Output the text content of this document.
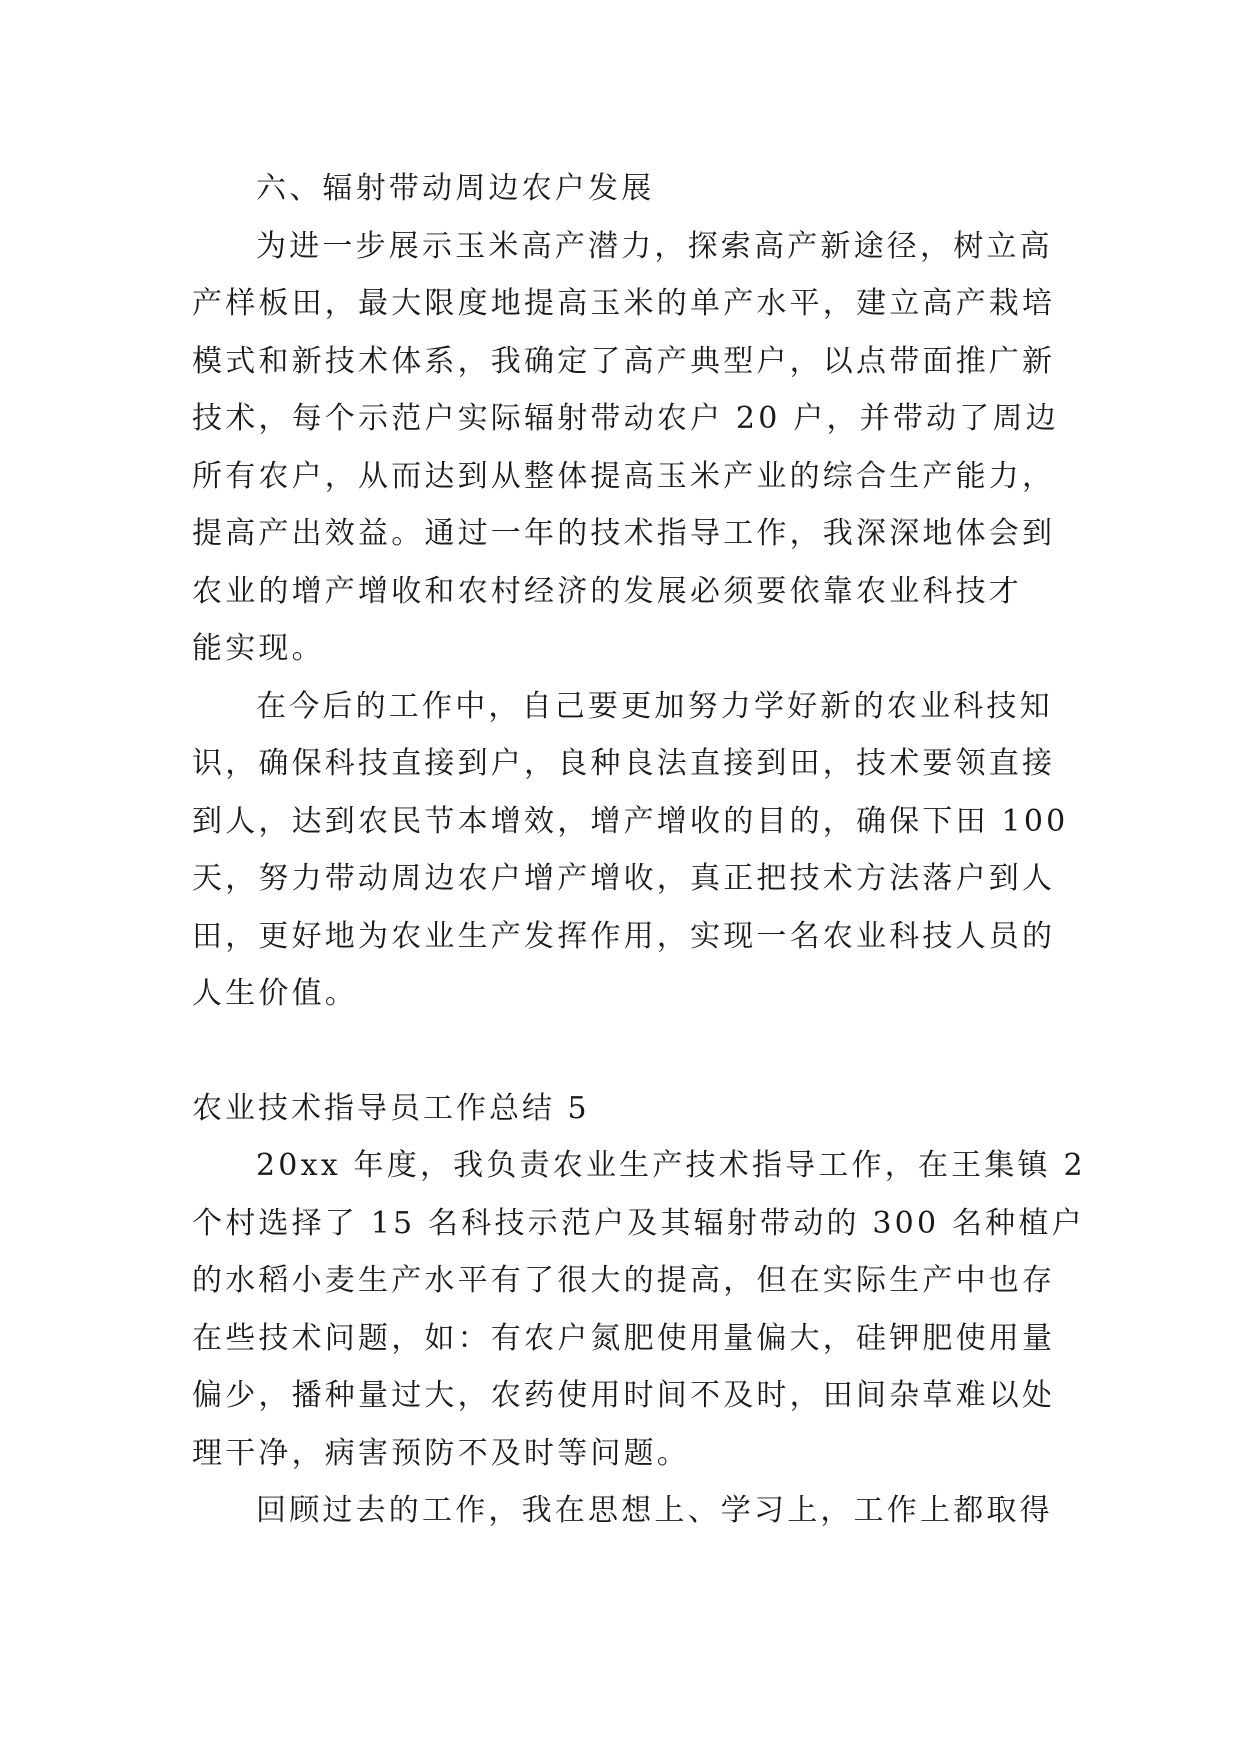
六、辐射带动周边农户发展
为进一步展示玉米高产潜力，探索高产新途径，树立高
产样板田，最大限度地提高玉米的单产水平，建立高产栽培
模式和新技术体系，我确定了高产典型户，以点带面推广新
技术，每个示范户实际辐射带动农户 20 户，并带动了周边
所有农户，从而达到从整体提高玉米产业的综合生产能力，
提高产出效益。通过一年的技术指导工作，我深深地体会到
农业的增产增收和农村经济的发展必须要依靠农业科技才
能实现。
在今后的工作中，自己要更加努力学好新的农业科技知
识，确保科技直接到户，良种良法直接到田，技术要领直接
到人，达到农民节本增效，增产增收的目的，确保下田 100
天，努力带动周边农户增产增收，真正把技术方法落户到人
田，更好地为农业生产发挥作用，实现一名农业科技人员的
人生价值。
农业技术指导员工作总结 5
20xx 年度，我负责农业生产技术指导工作，在王集镇 2
个村选择了 15 名科技示范户及其辐射带动的 300 名种植户
的水稻小麦生产水平有了很大的提高，但在实际生产中也存
在些技术问题，如：有农户氮肥使用量偏大，硅钾肥使用量
偏少，播种量过大，农药使用时间不及时，田间杂草难以处
理干净，病害预防不及时等问题。
回顾过去的工作，我在思想上、学习上，工作上都取得
